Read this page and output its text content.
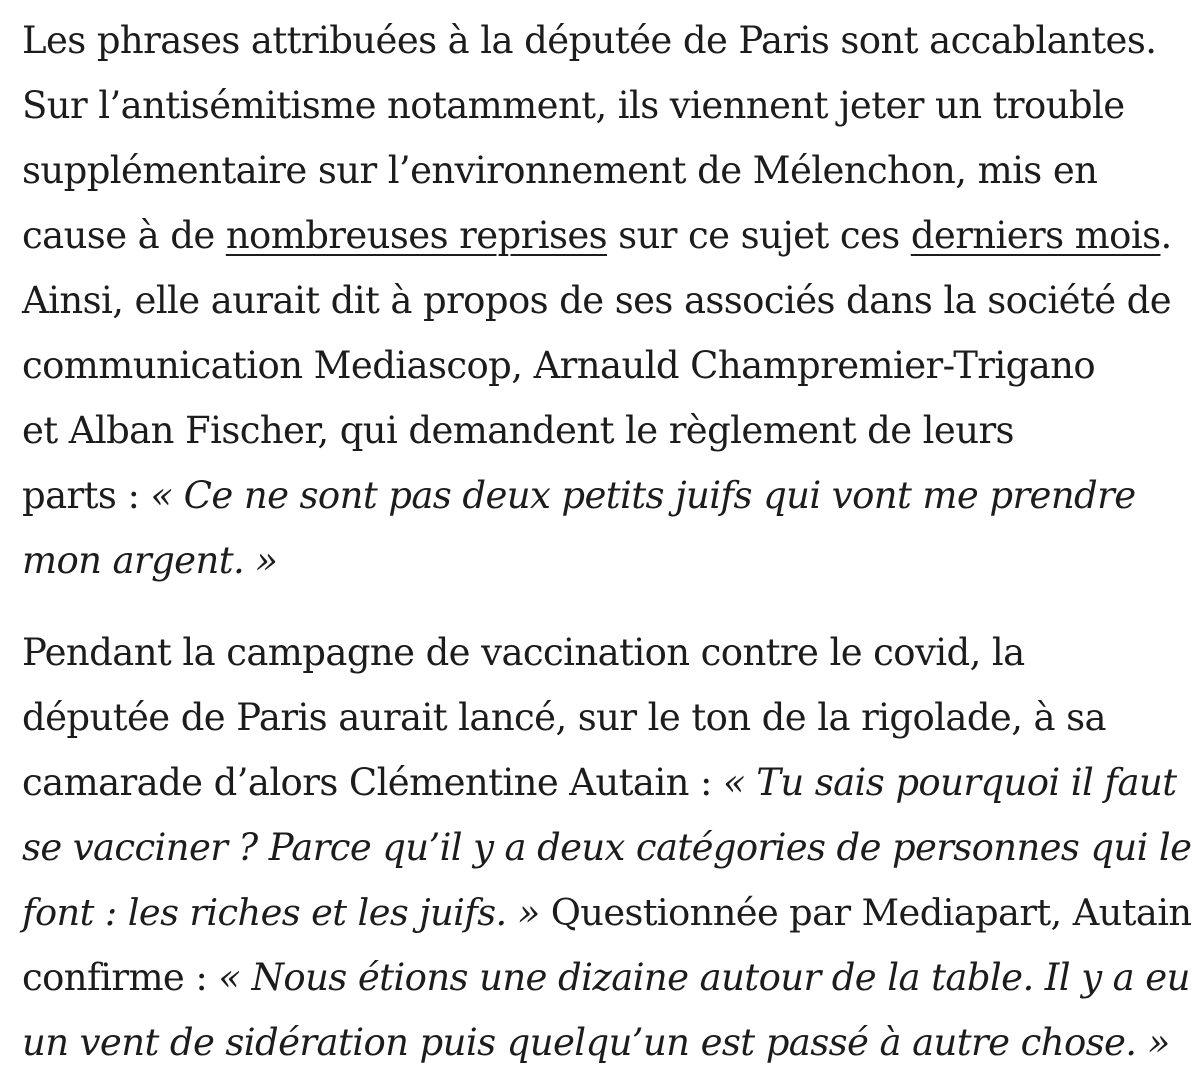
Les phrases attribuées à la députée de Paris sont accablantes.
Sur l’antisémitisme notamment, ils viennent jeter un trouble
supplémentaire sur l’environnement de Mélenchon, mis en
cause à de nombreuses reprises sur ce sujet ces derniers mois.
Ainsi, elle aurait dit à propos de ses associés dans la société de
communication Mediascop, Arnauld Champremier-Trigano
et Alban Fischer, qui demandent le règlement de leurs
parts : « Ce ne sont pas deux petits juifs qui vont me prendre
mon argent. »

Pendant la campagne de vaccination contre le covid, la
députée de Paris aurait lancé, sur le ton de la rigolade, à sa
camarade d’alors Clémentine Autain : « Tu sais pourquoi il faut
se vacciner ? Parce qu’il y a deux catégories de personnes qui le
font : les riches et les juifs. » Questionnée par Mediapart, Autain
confirme : « Nous étions une dizaine autour de la table. Il y a eu
un vent de sidération puis quelqu’un est passé à autre chose. »
